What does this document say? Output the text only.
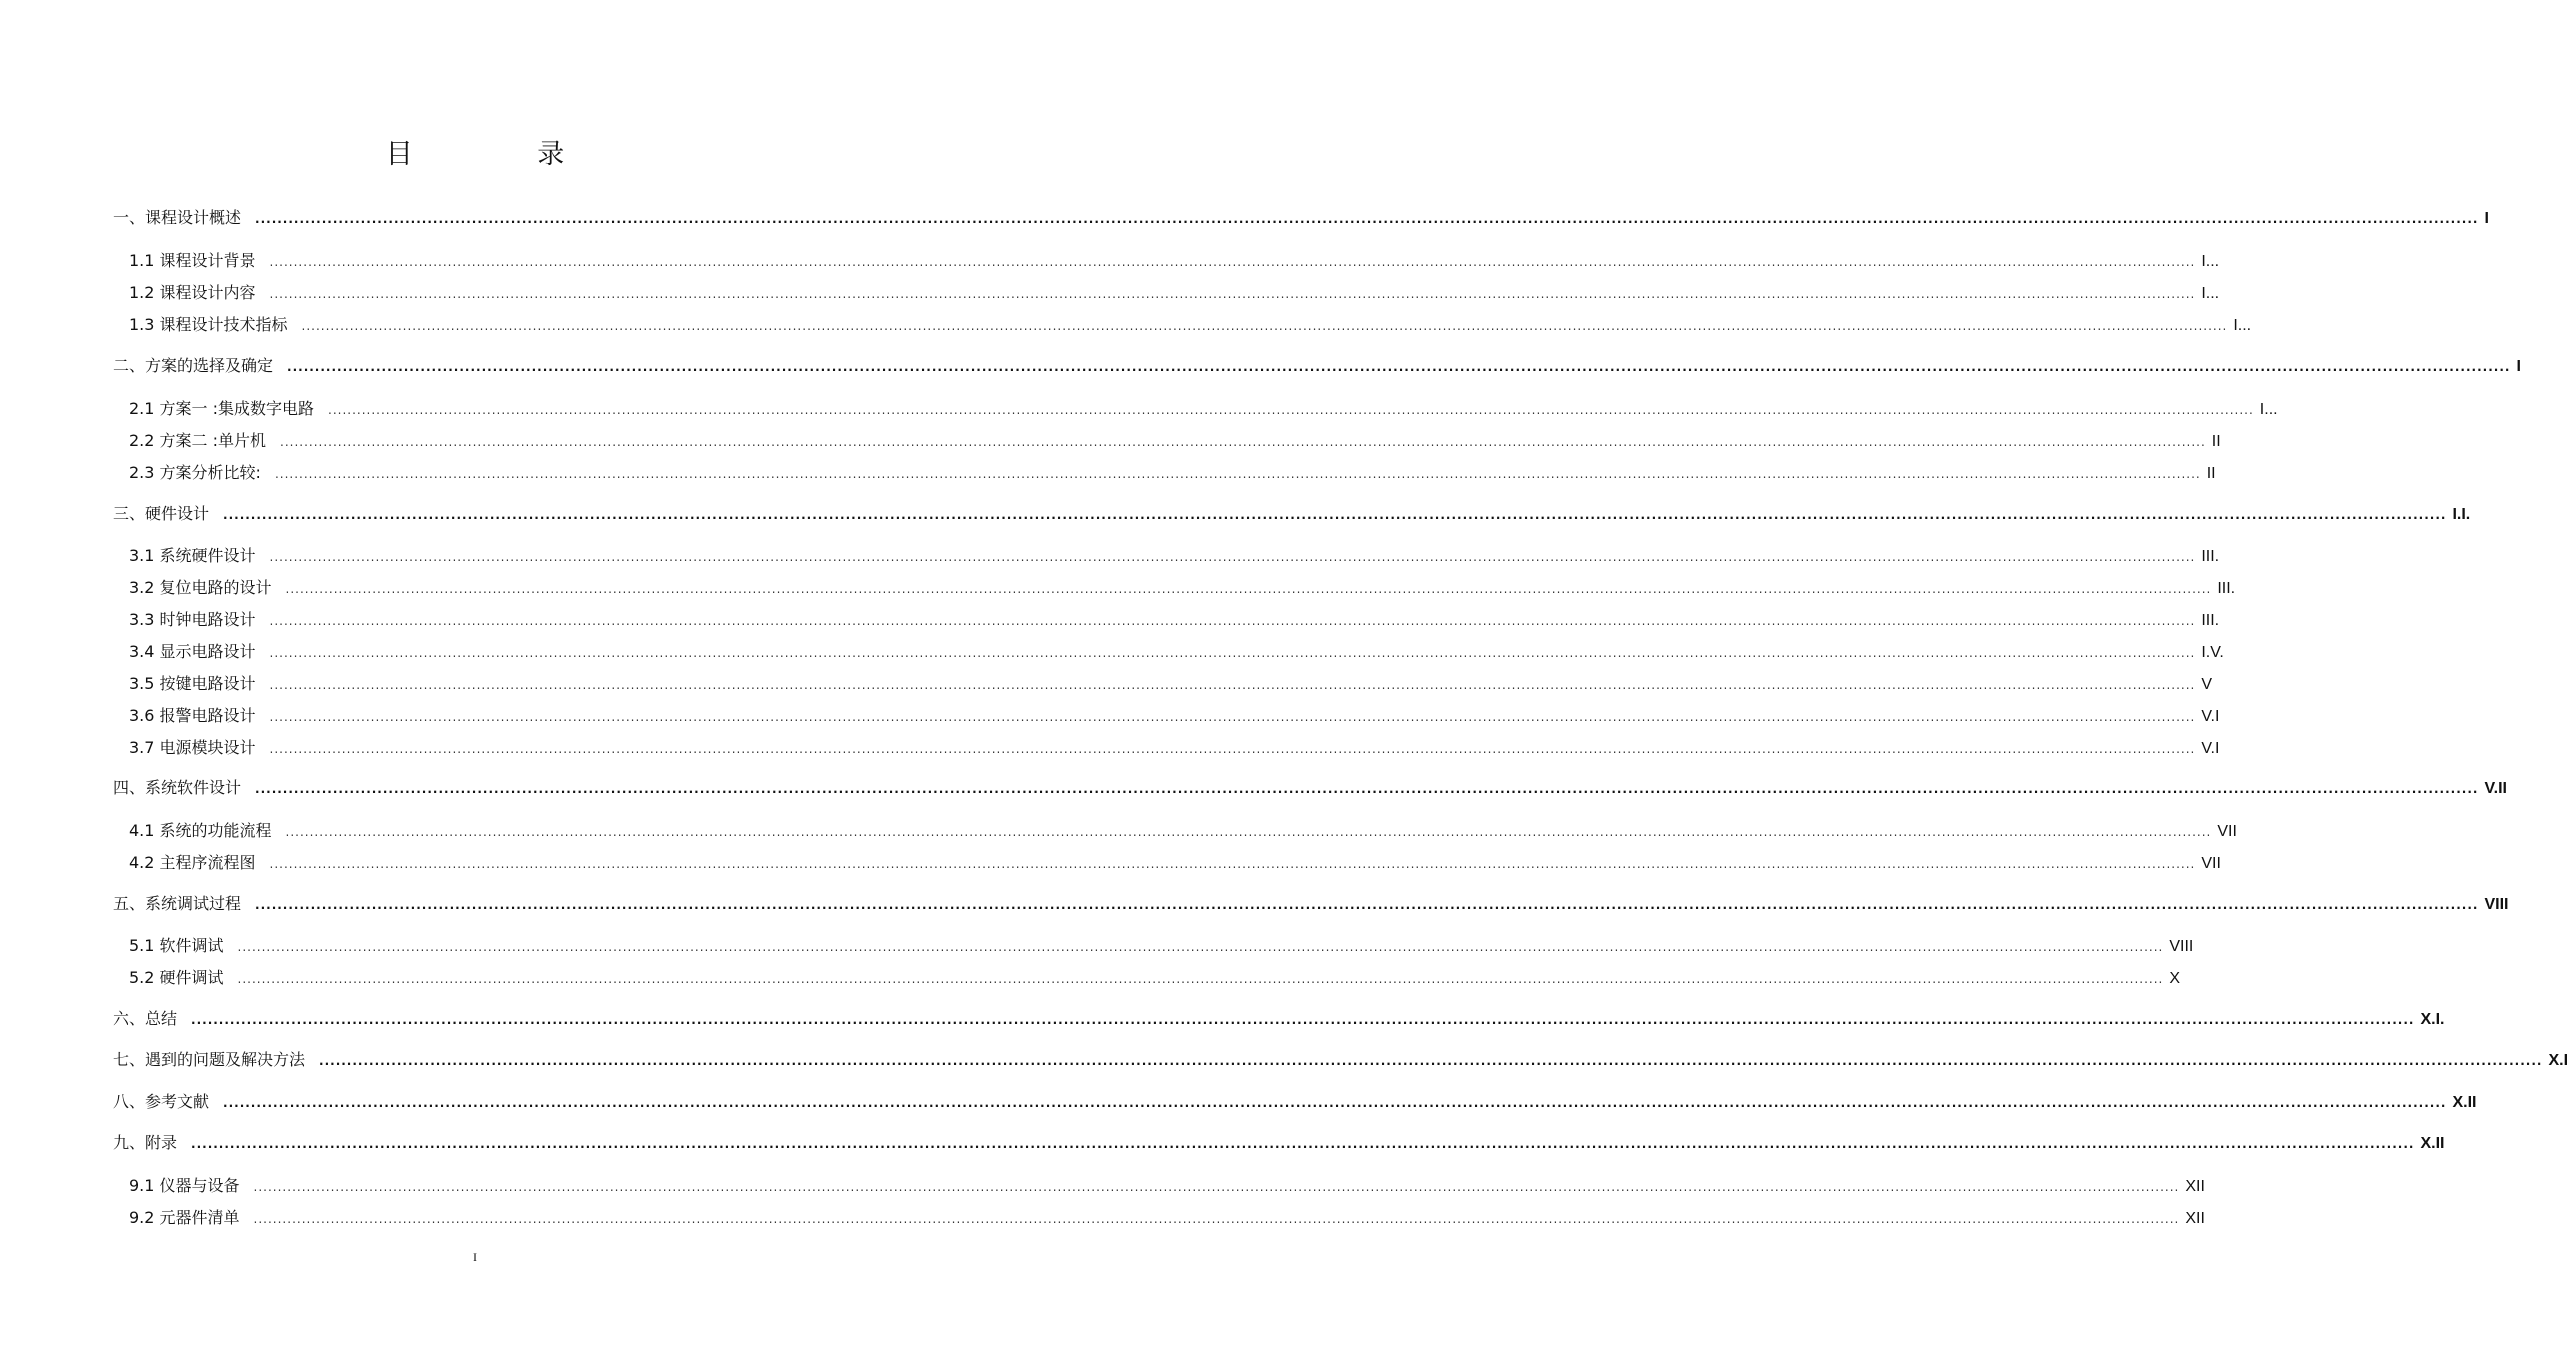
目 录
一、课程设计概述 ................................................................................................................................................................................................................................................................................................................................................................................................................ I
1.1 课程设计背景 ................................................................................................................................................................................................................................................................................................................................................................................................................ I...
1.2 课程设计内容 ................................................................................................................................................................................................................................................................................................................................................................................................................ I...
1.3 课程设计技术指标 ................................................................................................................................................................................................................................................................................................................................................................................................................ I...
二、方案的选择及确定 ................................................................................................................................................................................................................................................................................................................................................................................................................ I
2.1 方案一 :集成数字电路 ................................................................................................................................................................................................................................................................................................................................................................................................................ I...
2.2 方案二 :单片机 ................................................................................................................................................................................................................................................................................................................................................................................................................ II
2.3 方案分析比较: ................................................................................................................................................................................................................................................................................................................................................................................................................ II
三、硬件设计 ................................................................................................................................................................................................................................................................................................................................................................................................................ I.I.
3.1 系统硬件设计 ................................................................................................................................................................................................................................................................................................................................................................................................................ III.
3.2 复位电路的设计 ................................................................................................................................................................................................................................................................................................................................................................................................................ III.
3.3 时钟电路设计 ................................................................................................................................................................................................................................................................................................................................................................................................................ III.
3.4 显示电路设计 ................................................................................................................................................................................................................................................................................................................................................................................................................ I.V.
3.5 按键电路设计 ................................................................................................................................................................................................................................................................................................................................................................................................................ V
3.6 报警电路设计 ................................................................................................................................................................................................................................................................................................................................................................................................................ V.I
3.7 电源模块设计 ................................................................................................................................................................................................................................................................................................................................................................................................................ V.I
四、系统软件设计 ................................................................................................................................................................................................................................................................................................................................................................................................................ V.II
4.1 系统的功能流程 ................................................................................................................................................................................................................................................................................................................................................................................................................ VII
4.2 主程序流程图 ................................................................................................................................................................................................................................................................................................................................................................................................................ VII
五、系统调试过程 ................................................................................................................................................................................................................................................................................................................................................................................................................ VIII
5.1 软件调试 ................................................................................................................................................................................................................................................................................................................................................................................................................ VIII
5.2 硬件调试 ................................................................................................................................................................................................................................................................................................................................................................................................................ X
六、总结 ................................................................................................................................................................................................................................................................................................................................................................................................................ X.I.
七、遇到的问题及解决方法 ................................................................................................................................................................................................................................................................................................................................................................................................................ X.I
八、参考文献 ................................................................................................................................................................................................................................................................................................................................................................................................................ X.II
九、附录 ................................................................................................................................................................................................................................................................................................................................................................................................................ X.II
9.1 仪器与设备 ................................................................................................................................................................................................................................................................................................................................................................................................................ XII
9.2 元器件清单 ................................................................................................................................................................................................................................................................................................................................................................................................................ XII
I
